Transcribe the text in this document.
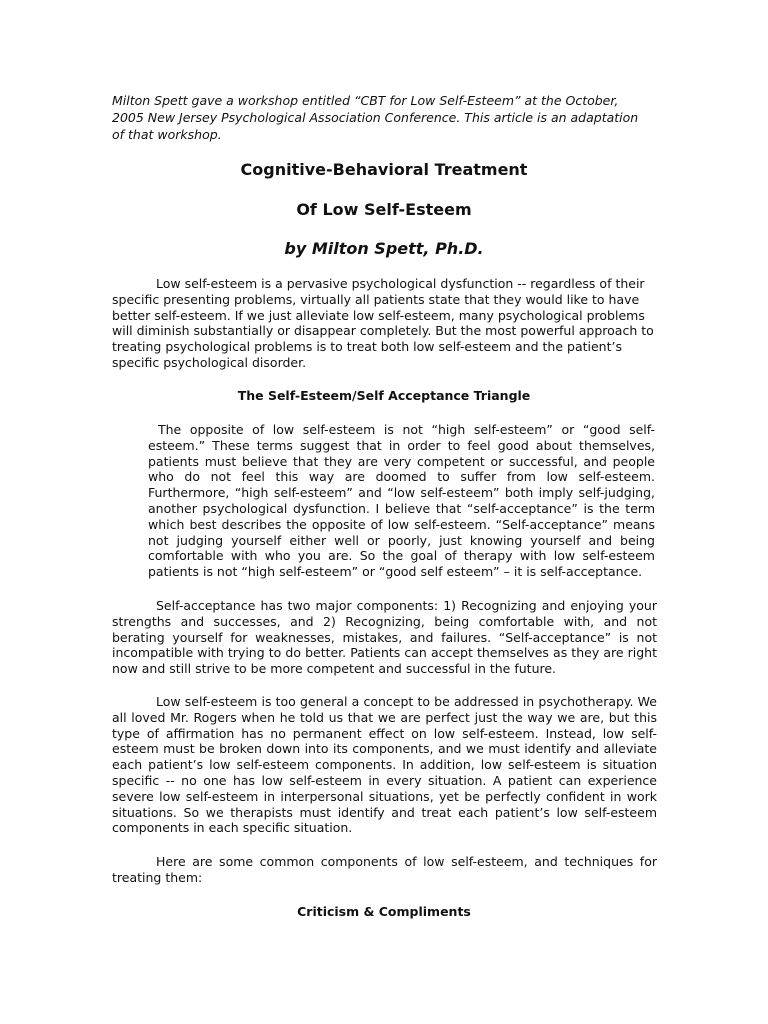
Milton Spett gave a workshop entitled “CBT for Low Self-Esteem” at the October, 2005 New Jersey Psychological Association Conference. This article is an adaptation of that workshop.
Cognitive-Behavioral Treatment
Of Low Self-Esteem
by Milton Spett, Ph.D.
Low self-esteem is a pervasive psychological dysfunction -- regardless of their specific presenting problems, virtually all patients state that they would like to have better self-esteem. If we just alleviate low self-esteem, many psychological problems will diminish substantially or disappear completely. But the most powerful approach to treating psychological problems is to treat both low self-esteem and the patient’s specific psychological disorder.
The Self-Esteem/Self Acceptance Triangle
The opposite of low self-esteem is not “high self-esteem” or “good self-esteem.” These terms suggest that in order to feel good about themselves, patients must believe that they are very competent or successful, and people who do not feel this way are doomed to suffer from low self-esteem. Furthermore, “high self-esteem” and “low self-esteem” both imply self-judging, another psychological dysfunction. I believe that “self-acceptance” is the term which best describes the opposite of low self-esteem. “Self-acceptance” means not judging yourself either well or poorly, just knowing yourself and being comfortable with who you are. So the goal of therapy with low self-esteem patients is not “high self-esteem” or “good self esteem” – it is self-acceptance.
Self-acceptance has two major components: 1) Recognizing and enjoying your strengths and successes, and 2) Recognizing, being comfortable with, and not berating yourself for weaknesses, mistakes, and failures. “Self-acceptance” is not incompatible with trying to do better. Patients can accept themselves as they are right now and still strive to be more competent and successful in the future.
Low self-esteem is too general a concept to be addressed in psychotherapy. We all loved Mr. Rogers when he told us that we are perfect just the way we are, but this type of affirmation has no permanent effect on low self-esteem. Instead, low self-esteem must be broken down into its components, and we must identify and alleviate each patient’s low self-esteem components. In addition, low self-esteem is situation specific -- no one has low self-esteem in every situation. A patient can experience severe low self-esteem in interpersonal situations, yet be perfectly confident in work situations. So we therapists must identify and treat each patient’s low self-esteem components in each specific situation.
Here are some common components of low self-esteem, and techniques for treating them:
Criticism & Compliments
